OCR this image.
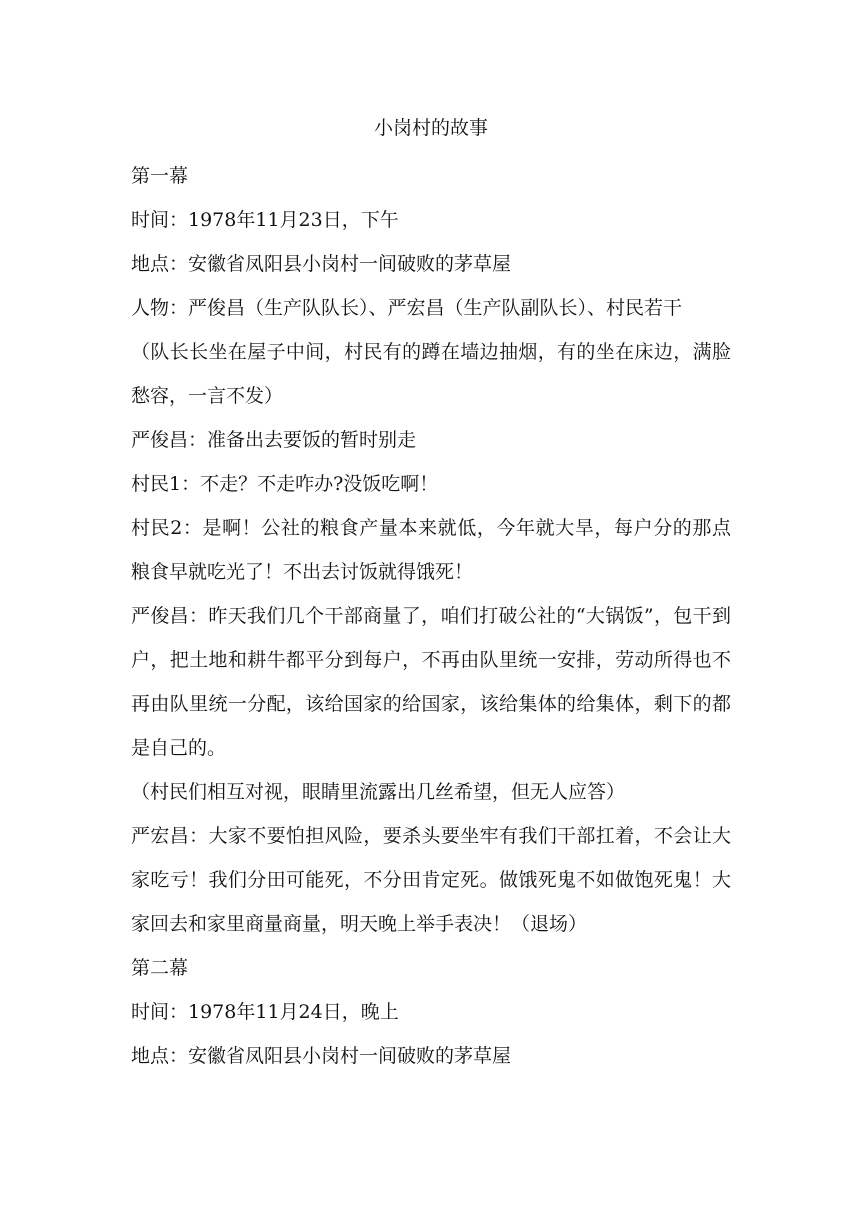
小岗村的故事

第一幕

时间：1978年11月23日，下午

地点：安徽省凤阳县小岗村一间破败的茅草屋

人物：严俊昌（生产队队长）、严宏昌（生产队副队长）、村民若干

（队长长坐在屋子中间，村民有的蹲在墙边抽烟，有的坐在床边，满脸愁容，一言不发）

严俊昌：准备出去要饭的暂时别走

村民1：不走？不走咋办?没饭吃啊！

村民2：是啊！公社的粮食产量本来就低，今年就大旱，每户分的那点粮食早就吃光了！不出去讨饭就得饿死！

严俊昌：昨天我们几个干部商量了，咱们打破公社的“大锅饭”，包干到户，把土地和耕牛都平分到每户，不再由队里统一安排，劳动所得也不再由队里统一分配，该给国家的给国家，该给集体的给集体，剩下的都是自己的。

（村民们相互对视，眼睛里流露出几丝希望，但无人应答）

严宏昌：大家不要怕担风险，要杀头要坐牢有我们干部扛着，不会让大家吃亏！我们分田可能死，不分田肯定死。做饿死鬼不如做饱死鬼！大家回去和家里商量商量，明天晚上举手表决！（退场）

第二幕

时间：1978年11月24日，晚上

地点：安徽省凤阳县小岗村一间破败的茅草屋
